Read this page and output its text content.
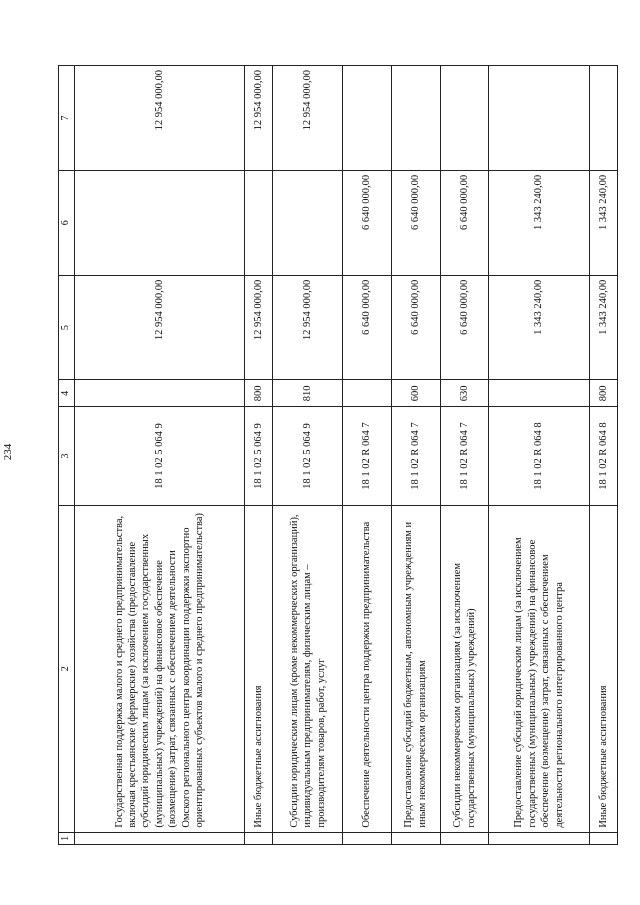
234
1	2	3	4	5	6	7
	Государственная поддержка малого и среднего предпринимательства, включая крестьянские (фермерские) хозяйства (предоставление субсидий юридическим лицам (за исключением государственных (муниципальных) учреждений) на финансовое обеспечение (возмещение) затрат, связанных с обеспечением деятельности Омского регионального центра координации поддержки экспортно ориентированных субъектов малого и среднего предпринимательства)	18 1 02 5 064 9		12 954 000,00		12 954 000,00
	Иные бюджетные ассигнования	18 1 02 5 064 9	800	12 954 000,00		12 954 000,00
	Субсидии юридическим лицам (кроме некоммерческих организаций), индивидуальным предпринимателям, физическим лицам – производителям товаров, работ, услуг	18 1 02 5 064 9	810	12 954 000,00		12 954 000,00
	Обеспечение деятельности центра поддержки предпринимательства	18 1 02 R 064 7		6 640 000,00	6 640 000,00	
	Предоставление субсидий бюджетным, автономным учреждениям и иным некоммерческим организациям	18 1 02 R 064 7	600	6 640 000,00	6 640 000,00	
	Субсидии некоммерческим организациям (за исключением государственных (муниципальных) учреждений)	18 1 02 R 064 7	630	6 640 000,00	6 640 000,00	
	Предоставление субсидий юридическим лицам (за исключением государственных (муниципальных) учреждений) на финансовое обеспечение (возмещение) затрат, связанных с обеспечением деятельности регионального интегрированного центра	18 1 02 R 064 8		1 343 240,00	1 343 240,00	
	Иные бюджетные ассигнования	18 1 02 R 064 8	800	1 343 240,00	1 343 240,00	
